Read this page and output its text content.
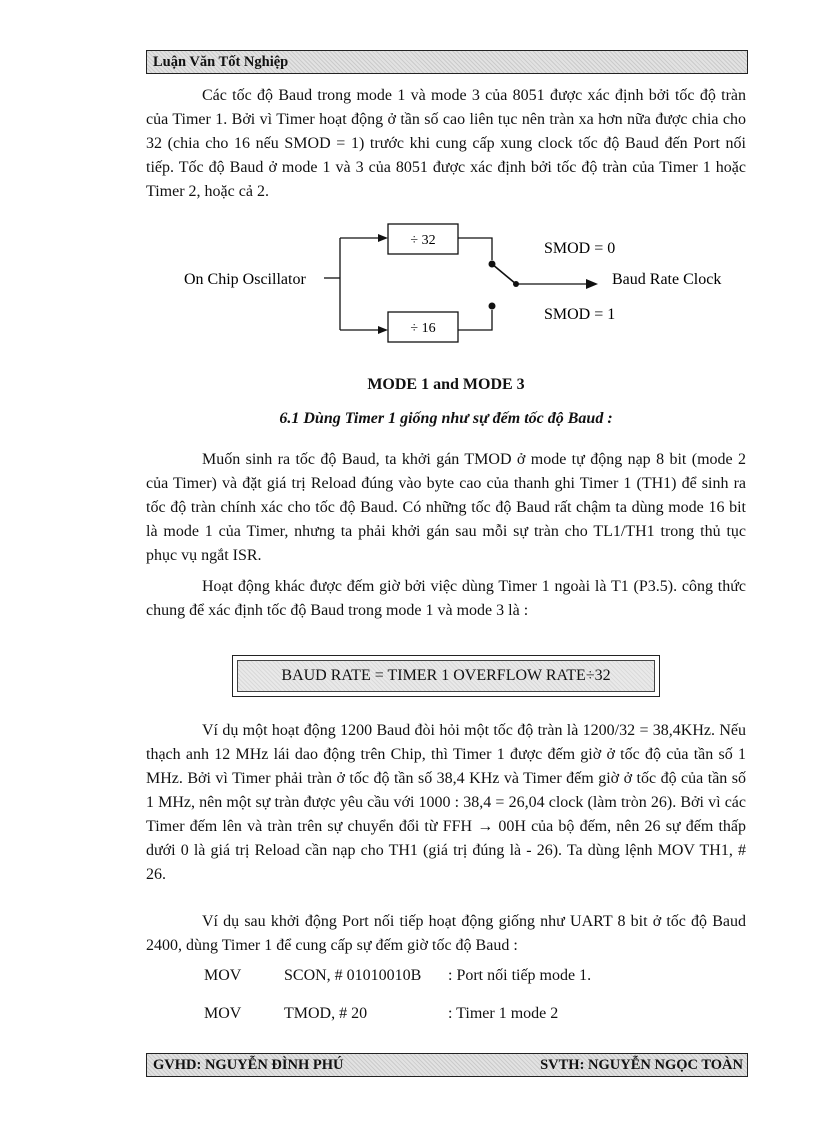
Luận Văn Tốt Nghiệp

Các tốc độ Baud trong mode 1 và mode 3 của 8051 được xác định bởi tốc độ tràn của Timer 1. Bởi vì Timer hoạt động ở tần số cao liên tục nên tràn xa hơn nữa được chia cho 32 (chia cho 16 nếu SMOD = 1) trước khi cung cấp xung clock tốc độ Baud đến Port nối tiếp. Tốc độ Baud ở mode 1 và 3 của 8051 được xác định bởi tốc độ tràn của Timer 1 hoặc Timer 2, hoặc cả 2.

On Chip Oscillator
÷ 32
÷ 16
Baud Rate Clock
SMOD = 0
SMOD = 1
MODE 1 and MODE 3
6.1 Dùng Timer 1 giống như sự đếm tốc độ Baud :

Muốn sinh ra tốc độ Baud, ta khởi gán TMOD ở mode tự động nạp 8 bit (mode 2 của Timer) và đặt giá trị Reload đúng vào byte cao của thanh ghi Timer 1 (TH1) để sinh ra tốc độ tràn chính xác cho tốc độ Baud. Có những tốc độ Baud rất chậm ta dùng mode 16 bit là mode 1 của Timer, nhưng ta phải khởi gán sau mỗi sự tràn cho TL1/TH1 trong thủ tục phục vụ ngắt ISR.

Hoạt động khác được đếm giờ bởi việc dùng Timer 1 ngoài là T1 (P3.5). công thức chung để xác định tốc độ Baud trong mode 1 và mode 3 là :

BAUD RATE = TIMER 1 OVERFLOW RATE÷32

Ví dụ một hoạt động 1200 Baud đòi hỏi một tốc độ tràn là 1200/32 = 38,4KHz. Nếu thạch anh 12 MHz lái dao động trên Chip, thì Timer 1 được đếm giờ ở tốc độ của tần số 1 MHz. Bởi vì Timer phải tràn ở tốc độ tần số 38,4 KHz và Timer đếm giờ ở tốc độ của tần số 1 MHz, nên một sự tràn được yêu cầu với 1000 : 38,4 = 26,04 clock (làm tròn 26). Bởi vì các Timer đếm lên và tràn trên sự chuyển đổi từ FFH → 00H của bộ đếm, nên 26 sự đếm thấp dưới 0 là giá trị Reload cần nạp cho TH1 (giá trị đúng là - 26). Ta dùng lệnh MOV TH1, # 26.

Ví dụ sau khởi động Port nối tiếp hoạt động giống như UART 8 bit ở tốc độ Baud 2400, dùng Timer 1 để cung cấp sự đếm giờ tốc độ Baud :

MOV	SCON, # 01010010B : Port nối tiếp mode 1.
MOV	TMOD, # 20	: Timer 1 mode 2
GVHD: NGUYỄN ĐÌNH PHÚ	SVTH: NGUYỄN NGỌC TOÀN
